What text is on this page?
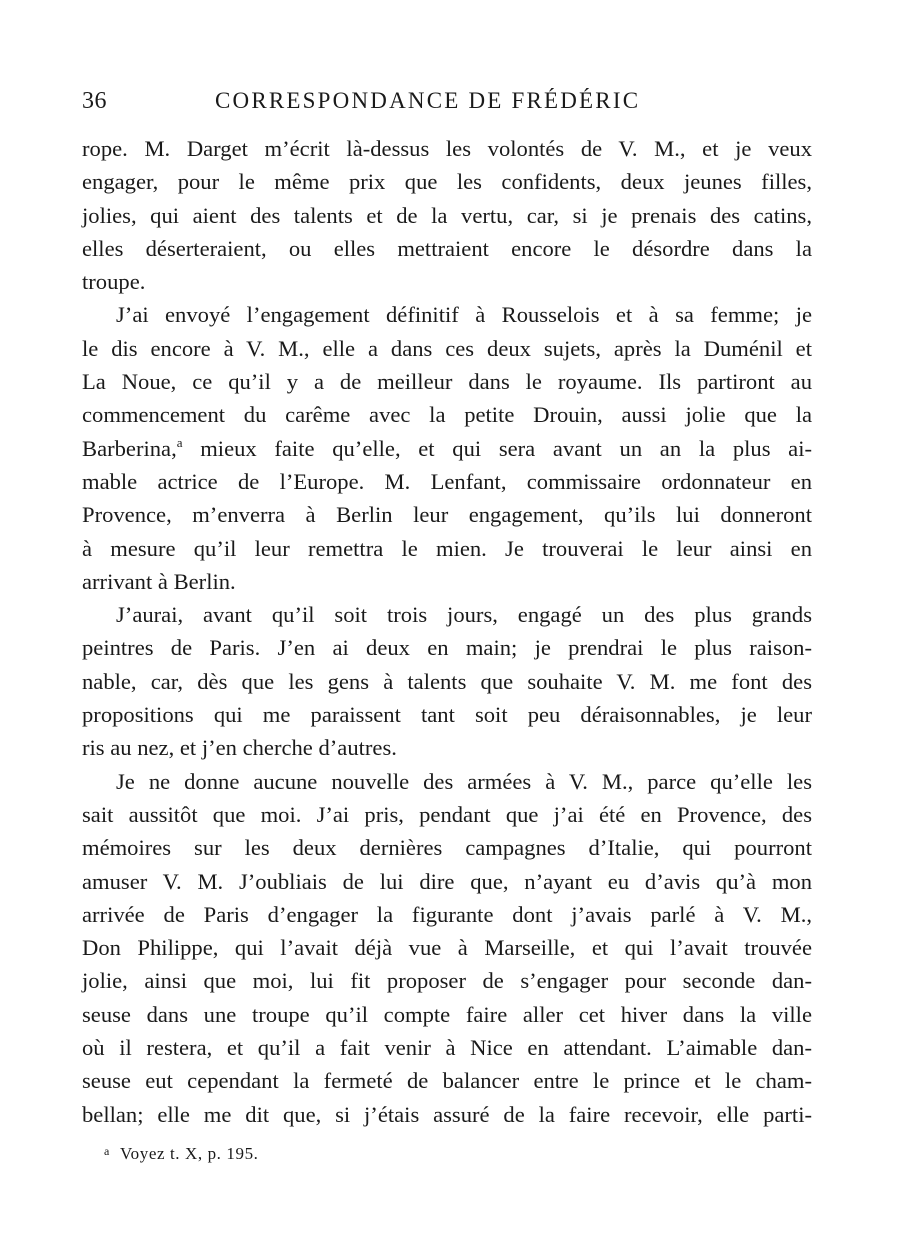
36	CORRESPONDANCE DE FRÉDÉRIC
rope. M. Darget m’écrit là-dessus les volontés de V. M., et je veux
engager, pour le même prix que les confidents, deux jeunes filles,
jolies, qui aient des talents et de la vertu, car, si je prenais des catins,
elles déserteraient, ou elles mettraient encore le désordre dans la
troupe.
J’ai envoyé l’engagement définitif à Rousselois et à sa femme; je
le dis encore à V. M., elle a dans ces deux sujets, après la Duménil et
La Noue, ce qu’il y a de meilleur dans le royaume. Ils partiront au
commencement du carême avec la petite Drouin, aussi jolie que la
Barberina,$^a$ mieux faite qu’elle, et qui sera avant un an la plus ai-
mable actrice de l’Europe. M. Lenfant, commissaire ordonnateur en
Provence, m’enverra à Berlin leur engagement, qu’ils lui donneront
à mesure qu’il leur remettra le mien. Je trouverai le leur ainsi en
arrivant à Berlin.
J’aurai, avant qu’il soit trois jours, engagé un des plus grands
peintres de Paris. J’en ai deux en main; je prendrai le plus raison-
nable, car, dès que les gens à talents que souhaite V. M. me font des
propositions qui me paraissent tant soit peu déraisonnables, je leur
ris au nez, et j’en cherche d’autres.
Je ne donne aucune nouvelle des armées à V. M., parce qu’elle les
sait aussitôt que moi. J’ai pris, pendant que j’ai été en Provence, des
mémoires sur les deux dernières campagnes d’Italie, qui pourront
amuser V. M. J’oubliais de lui dire que, n’ayant eu d’avis qu’à mon
arrivée de Paris d’engager la figurante dont j’avais parlé à V. M.,
Don Philippe, qui l’avait déjà vue à Marseille, et qui l’avait trouvée
jolie, ainsi que moi, lui fit proposer de s’engager pour seconde dan-
seuse dans une troupe qu’il compte faire aller cet hiver dans la ville
où il restera, et qu’il a fait venir à Nice en attendant. L’aimable dan-
seuse eut cependant la fermeté de balancer entre le prince et le cham-
bellan; elle me dit que, si j’étais assuré de la faire recevoir, elle parti-
$^a$ Voyez t. X, p. 195.
